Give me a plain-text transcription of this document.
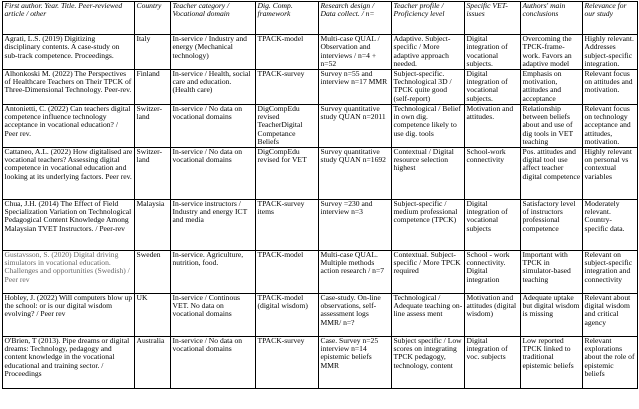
First author. Year. Title. Peer-reviewed article / other	Country	Teacher category / Vocational domain	Dig. Comp. framework	Research design / Data collect. / n=	Teacher profile / Proficiency level	Specific VET-issues	Authors' main conclusions	Relevance for our study
Agrati, L.S. (2019) Digitizing disciplinary contents. A case-study on sub-track competence. Proceedings.	Italy	In-service / Industry and energy (Mechanical technology)	TPACK-model	Multi-case QUAL / Observation and interviews / n=4 + n=52	Adaptive. Subject-specific / More adaptive approach needed.	Digital integration of vocational subjects.	Overcoming the TPCK-frame-work. Favors an adaptive model	Highly relevant. Addresses subject-specific integration.
Alhonkoski M. (2022) The Perspectives of Healthcare Teachers on Their TPCK of Three-Dimensional Technology. Peer-rev.	Finland	In-service / Health, social care and education. (Health care)	TPACK-survey	Survey n=55 and interview n=17 MMR	Subject-specific. Technological 3D / TPCK quite good (self-report)	Digital integration of vocational subjects.	Emphasis on motivation, attitudes and acceptance	Relevant focus on attitudes and motivation.
Antonietti, C. (2022) Can teachers digital competence influence technology acceptance in vocational education? / Peer rev.	Switzer-land	In-service / No data on vocational domains	DigCompEdu revised TeacherDigital Competance Beliefs	Survey quantitative study QUAN n=2011	Technological / Belief in own dig. competence likely to use dig. tools	Motivation and attitudes.	Relationship between beliefs about and use of dig tools in VET teaching	Relevant focus on technology acceptance and attitudes, motivation.
Cattaneo, A.L. (2022) How digitalised are vocational teachers? Assessing digital competence in vocational education and looking at its underlying factors. Peer rev.	Switzer-land	In-service / No data on vocational domains	DigCompEdu revised for VET	Survey quantitative study QUAN n=1692	Contextual / Digital resource selection highest	School-work connectivity	Pos. attitudes and digital tool use affect teacher digital competence	Highly relevant on personal vs contextual variables
Chua, J.H. (2014) The Effect of Field Specialization Variation on Technological Pedagogical Content Knowledge Among Malaysian TVET Instructors. / Peer-rev	Malaysia	In-service instructors / Industry and energy ICT and media	TPACK-survey items	Survey =230 and interview n=3	Subject-specific / medium professional competence (TPCK)	Digital integration of vocational subjects	Satisfactory level of instructors professional competence	Moderately relevant. Country-specific data.
Gustavsson, S. (2020) Digital driving simulators in vocational education. Challenges and opportunities (Swedish) / Peer rev	Sweden	In-service. Agriculture, nutrition, food.	TPACK-model	Multi-case QUAL. Multiple methods action research / n=7	Contextual. Subject-specific / More TPCK required	School - work connectivity. Digital integration	Important with TPCK in simulator-based teaching	Relevant on subject-specific integration and connectivity
Hobley, J. (2022) Will computers blow up the school: or is our digital wisdom evolving? / Peer rev	UK	In-service / Continous VET. No data on vocational domains	TPACK-model (digital wisdom)	Case-study. On-line observations, self-assessment logs MMR/ n=?	Technological / Adequate teaching on-line assess ment	Motivation and attitudes (digital wisdom)	Adequate uptake but digital wisdom is missing	Relevant about digital wisdom and critical agency
O'Brien, T (2013). Pipe dreams or digital dreams: Technology, pedagogy and content knowledge in the vocational educational and training sector. / Proceedings	Australia	In-service / No data on vocational domains	TPACK-survey	Case. Survey n=25 interview n=14 epistemic beliefs MMR	Subject specific / Low scores on integrating TPCK pedagogy, technology, content	Digital integration of voc. subjects	Low reported TPCK linked to traditional epistemic beliefs	Relevant explorations about the role of epistemic beliefs
